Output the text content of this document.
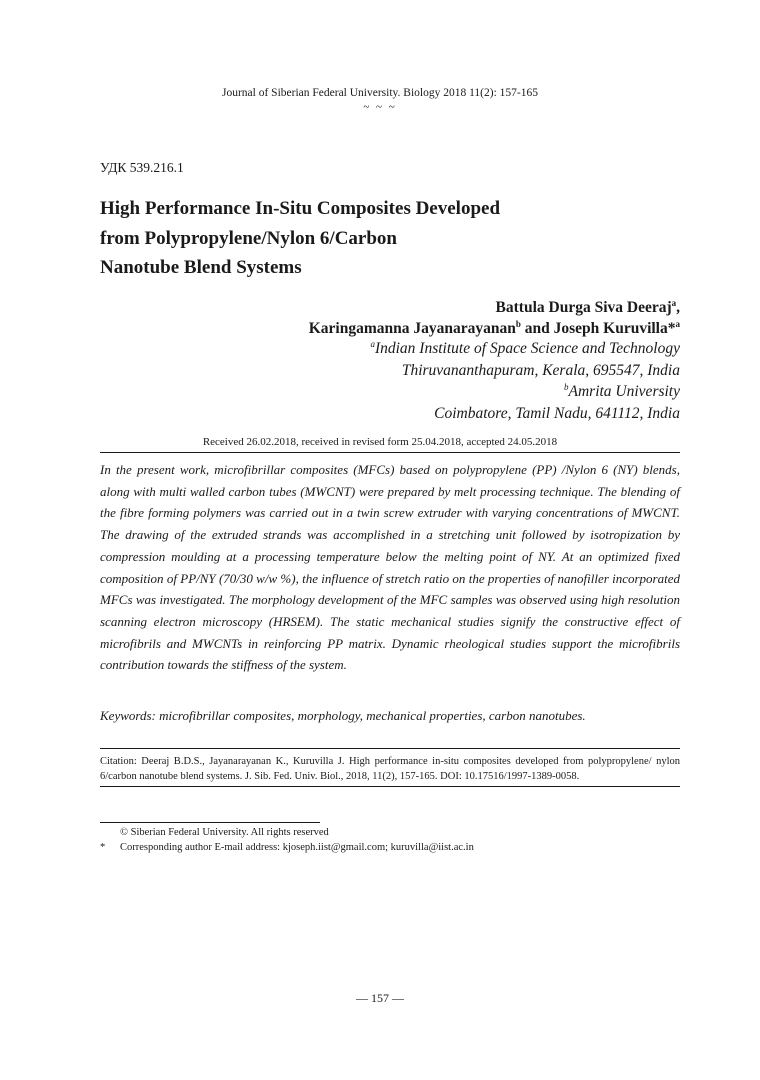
Journal of Siberian Federal University. Biology 2018 11(2): 157-165
~ ~ ~
УДК 539.216.1
High Performance In-Situ Composites Developed
from Polypropylene/Nylon 6/Carbon
Nanotube Blend Systems
Battula Durga Siva Deeraj$^a$,
Karingamanna Jayanarayanan$^b$ and Joseph Kuruvilla*$^a$
$^a$Indian Institute of Space Science and Technology
Thiruvananthapuram, Kerala, 695547, India
$^b$Amrita University
Coimbatore, Tamil Nadu, 641112, India
Received 26.02.2018, received in revised form 25.04.2018, accepted 24.05.2018
In the present work, microfibrillar composites (MFCs) based on polypropylene (PP) /Nylon 6 (NY) blends, along with multi walled carbon tubes (MWCNT) were prepared by melt processing technique. The blending of the fibre forming polymers was carried out in a twin screw extruder with varying concentrations of MWCNT. The drawing of the extruded strands was accomplished in a stretching unit followed by isotropization by compression moulding at a processing temperature below the melting point of NY. At an optimized fixed composition of PP/NY (70/30 w/w %), the influence of stretch ratio on the properties of nanofiller incorporated MFCs was investigated. The morphology development of the MFC samples was observed using high resolution scanning electron microscopy (HRSEM). The static mechanical studies signify the constructive effect of microfibrils and MWCNTs in reinforcing PP matrix. Dynamic rheological studies support the microfibrils contribution towards the stiffness of the system.
Keywords: microfibrillar composites, morphology, mechanical properties, carbon nanotubes.
Citation: Deeraj B.D.S., Jayanarayanan K., Kuruvilla J. High performance in-situ composites developed from polypropylene/ nylon 6/carbon nanotube blend systems. J. Sib. Fed. Univ. Biol., 2018, 11(2), 157-165. DOI: 10.17516/1997-1389-0058.
© Siberian Federal University. All rights reserved
* Corresponding author E-mail address: kjoseph.iist@gmail.com; kuruvilla@iist.ac.in
— 157 —
